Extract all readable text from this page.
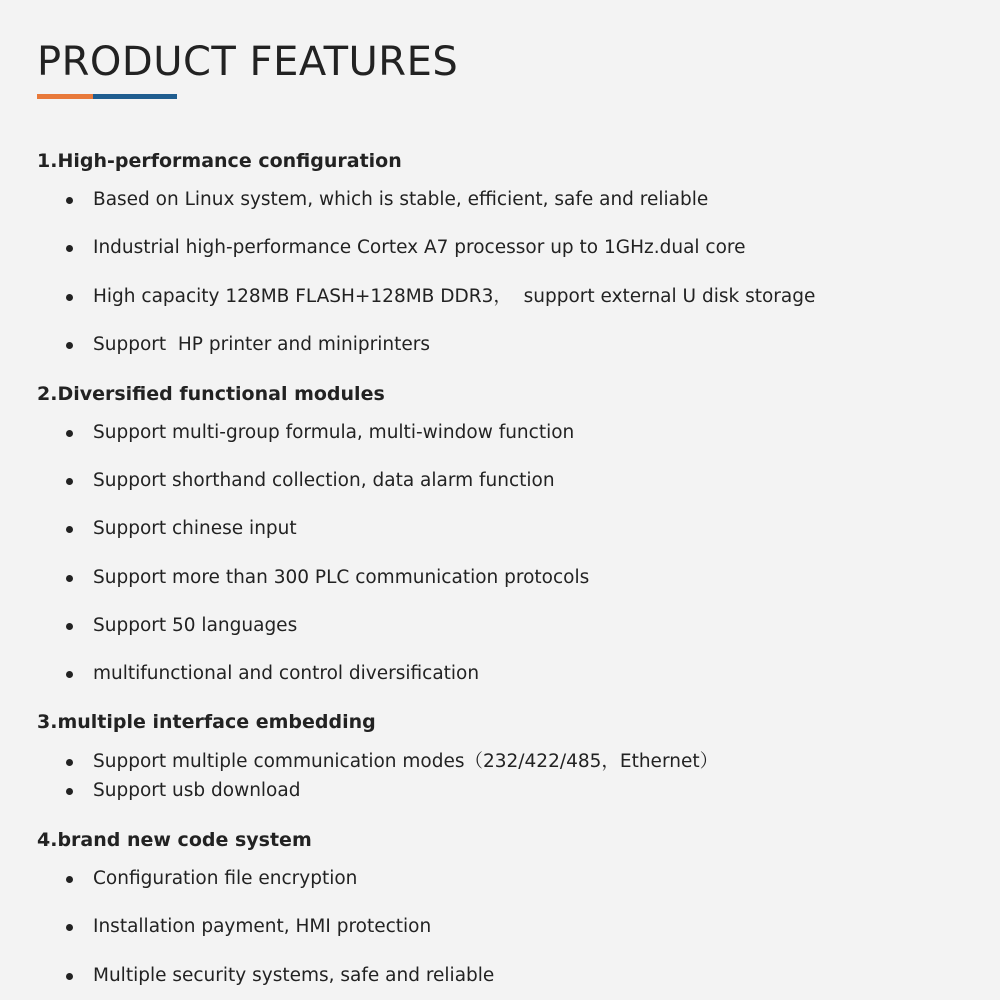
PRODUCT FEATURES
1.High-performance configuration

Based on Linux system, which is stable, efficient, safe and reliable

Industrial high-performance Cortex A7 processor up to 1GHz.dual core

High capacity 128MB FLASH+128MB DDR3，  support external U disk storage

Support  HP printer and miniprinters

2.Diversified functional modules

Support multi-group formula, multi-window function

Support shorthand collection, data alarm function

Support chinese input

Support more than 300 PLC communication protocols

Support 50 languages

multifunctional and control diversification

3.multiple interface embedding

Support multiple communication modes（232/422/485，Ethernet）

Support usb download

4.brand new code system

Configuration file encryption

Installation payment, HMI protection

Multiple security systems, safe and reliable
